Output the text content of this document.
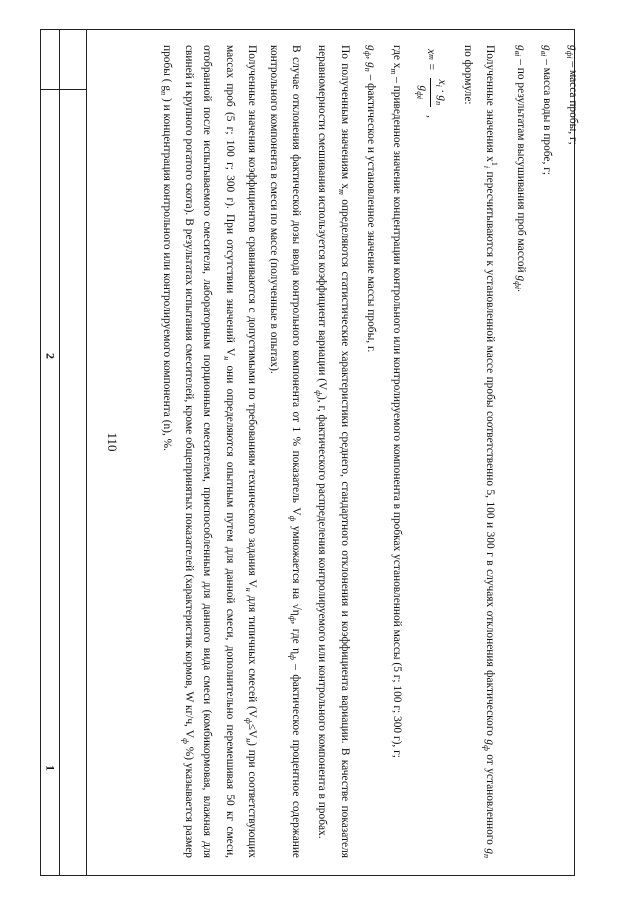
110
1
2

$g_{фі}$ – масса пробы, г;

$g_{вi}$ – масса воды в пробе, г;

$g_{вi}$ – по результатам высушивания проб массой $g_{фi}$.

Полученные значения $x^1_i$ пересчитываются к установленной массе пробы соответственно 5, 100 и 300 г в случаях отклонения фактического $g_ф$ от установленного $g_n$ по формуле:

x
m
=
$x_i \cdot g_n$
$g_{фi}$
,

где $x_m$ – приведенное значение концентрации контрольного или контролируемого компонента в пробках установленной массы (5 г; 100 г; 300 г), г;

$g_ф$, $g_n$ – фактическое и установленное значение массы пробы, г.

По полученным значениям $x_m$ определяются статистические характеристики среднего, стандартного отклонения и коэффициента вариации. В качестве показателя неравномерности смешивания используется коэффициент вариации $(V_ф)$, г, фактического распределения контролируемого или контрольного компонента в пробах.

В случае отклонения фактической дозы ввода контрольного компонента от 1 % показатель $V_ф$ умножается на $√\eta_ф$, где $\eta_ф$ – фактическое процентное содержание контрольного компонента в смеси по массе (полученные в опытах).

Полученные значения коэффициентов сравниваются с допустимыми по требованиям технического задания $V_н$ для типичных смесей $(V_ф\le V_н)$ при соответствующих массах проб (5 г; 100 г; 300 г). При отсутствии значений $V_н$ они определяются опытным путем для данной смеси, дополнительно перемешивая 50 кг смеси, отобранной после испытываемого смесителя, лабораторным порционным смесителем, приспособленным для данного вида смеси (комбикормовая, влажная для свиней и крупного рогатого скота). В результатах испытания смесителей, кроме общепринятых показателей (характеристик кормов, W кг/ч, $V_ф$ %) указывается размер пробы ( $g_n$ ) и концентрация контрольного или контролируемого компонента (n), %.
